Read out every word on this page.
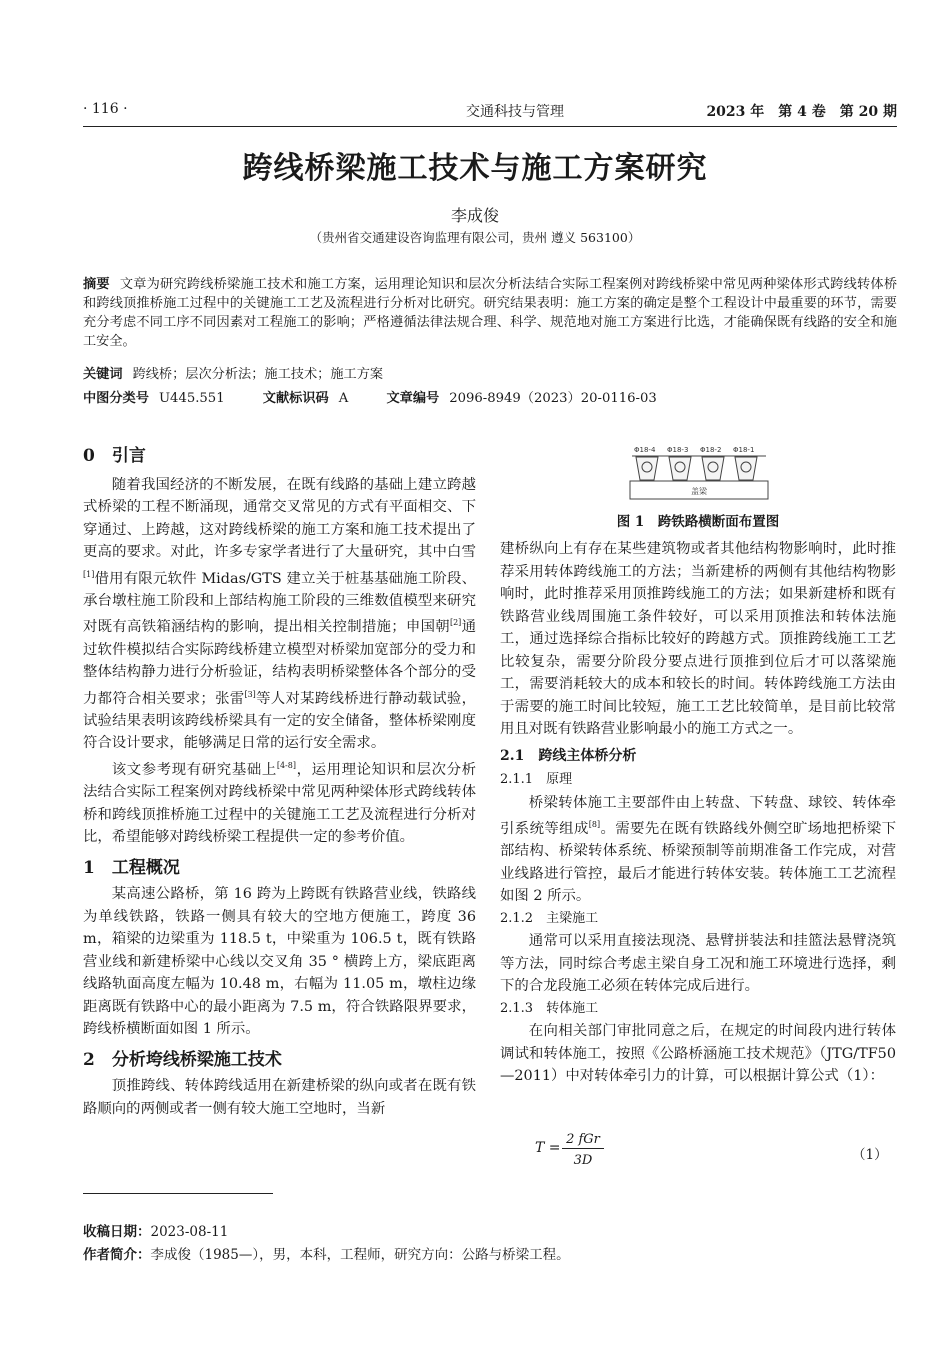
· 116 ·	交通科技与管理	2023 年　第 4 卷　第 20 期
跨线桥梁施工技术与施工方案研究
李成俊
（贵州省交通建设咨询监理有限公司，贵州 遵义 563100）
摘要 文章为研究跨线桥梁施工技术和施工方案，运用理论知识和层次分析法结合实际工程案例对跨线桥梁中常见两种梁体形式跨线转体桥和跨线顶推桥施工过程中的关键施工工艺及流程进行分析对比研究。研究结果表明：施工方案的确定是整个工程设计中最重要的环节，需要充分考虑不同工序不同因素对工程施工的影响；严格遵循法律法规合理、科学、规范地对施工方案进行比选，才能确保既有线路的安全和施工安全。
关键词 跨线桥；层次分析法；施工技术；施工方案
中图分类号 U445.551	文献标识码 A	文章编号 2096-8949（2023）20-0116-03
0　引言

随着我国经济的不断发展，在既有线路的基础上建立跨越式桥梁的工程不断涌现，通常交叉常见的方式有平面相交、下穿通过、上跨越，这对跨线桥梁的施工方案和施工技术提出了更高的要求。对此，许多专家学者进行了大量研究，其中白雪[1]借用有限元软件 Midas/GTS 建立关于桩基基础施工阶段、承台墩柱施工阶段和上部结构施工阶段的三维数值模型来研究对既有高铁箱涵结构的影响，提出相关控制措施；申国朝[2]通过软件模拟结合实际跨线桥建立模型对桥梁加宽部分的受力和整体结构静力进行分析验证，结构表明桥梁整体各个部分的受力都符合相关要求；张雷[3]等人对某跨线桥进行静动载试验，试验结果表明该跨线桥梁具有一定的安全储备，整体桥梁刚度符合设计要求，能够满足日常的运行安全需求。

该文参考现有研究基础上[4-8]，运用理论知识和层次分析法结合实际工程案例对跨线桥梁中常见两种梁体形式跨线转体桥和跨线顶推桥施工过程中的关键施工工艺及流程进行分析对比，希望能够对跨线桥梁工程提供一定的参考价值。

1　工程概况

某高速公路桥，第 16 跨为上跨既有铁路营业线，铁路线为单线铁路，铁路一侧具有较大的空地方便施工，跨度 36 m，箱梁的边梁重为 118.5 t，中梁重为 106.5 t，既有铁路营业线和新建桥梁中心线以交叉角 35 ° 横跨上方，梁底距离线路轨面高度左幅为 10.48 m，右幅为 11.05 m，墩柱边缘距离既有铁路中心的最小距离为 7.5 m，符合铁路限界要求，跨线桥横断面如图 1 所示。

2　分析垮线桥梁施工技术

顶推跨线、转体跨线适用在新建桥梁的纵向或者在既有铁路顺向的两侧或者一侧有较大施工空地时，当新

Φ18-4 Φ18-3 Φ18-2 Φ18-1
盖梁
图 1　跨铁路横断面布置图

建桥纵向上有存在某些建筑物或者其他结构物影响时，此时推荐采用转体跨线施工的方法；当新建桥的两侧有其他结构物影响时，此时推荐采用顶推跨线施工的方法；如果新建桥和既有铁路营业线周围施工条件较好，可以采用顶推法和转体法施工，通过选择综合指标比较好的跨越方式。顶推跨线施工工艺比较复杂，需要分阶段分要点进行顶推到位后才可以落梁施工，需要消耗较大的成本和较长的时间。转体跨线施工方法由于需要的施工时间比较短，施工工艺比较简单，是目前比较常用且对既有铁路营业影响最小的施工方式之一。

2.1　跨线主体桥分析
2.1.1　原理

桥梁转体施工主要部件由上转盘、下转盘、球铰、转体牵引系统等组成[8]。需要先在既有铁路线外侧空旷场地把桥梁下部结构、桥梁转体系统、桥梁预制等前期准备工作完成，对营业线路进行管控，最后才能进行转体安装。转体施工工艺流程如图 2 所示。

2.1.2　主梁施工

通常可以采用直接法现浇、悬臂拼装法和挂篮法悬臂浇筑等方法，同时综合考虑主梁自身工况和施工环境进行选择，剩下的合龙段施工必须在转体完成后进行。

2.1.3　转体施工

在向相关部门审批同意之后，在规定的时间段内进行转体调试和转体施工，按照《公路桥涵施工技术规范》（JTG/TF50—2011）中对转体牵引力的计算，可以根据计算公式（1）：

T =
2 fGr
3D	（1）
收稿日期：2023-08-11
作者简介：李成俊（1985—），男，本科，工程师，研究方向：公路与桥梁工程。
